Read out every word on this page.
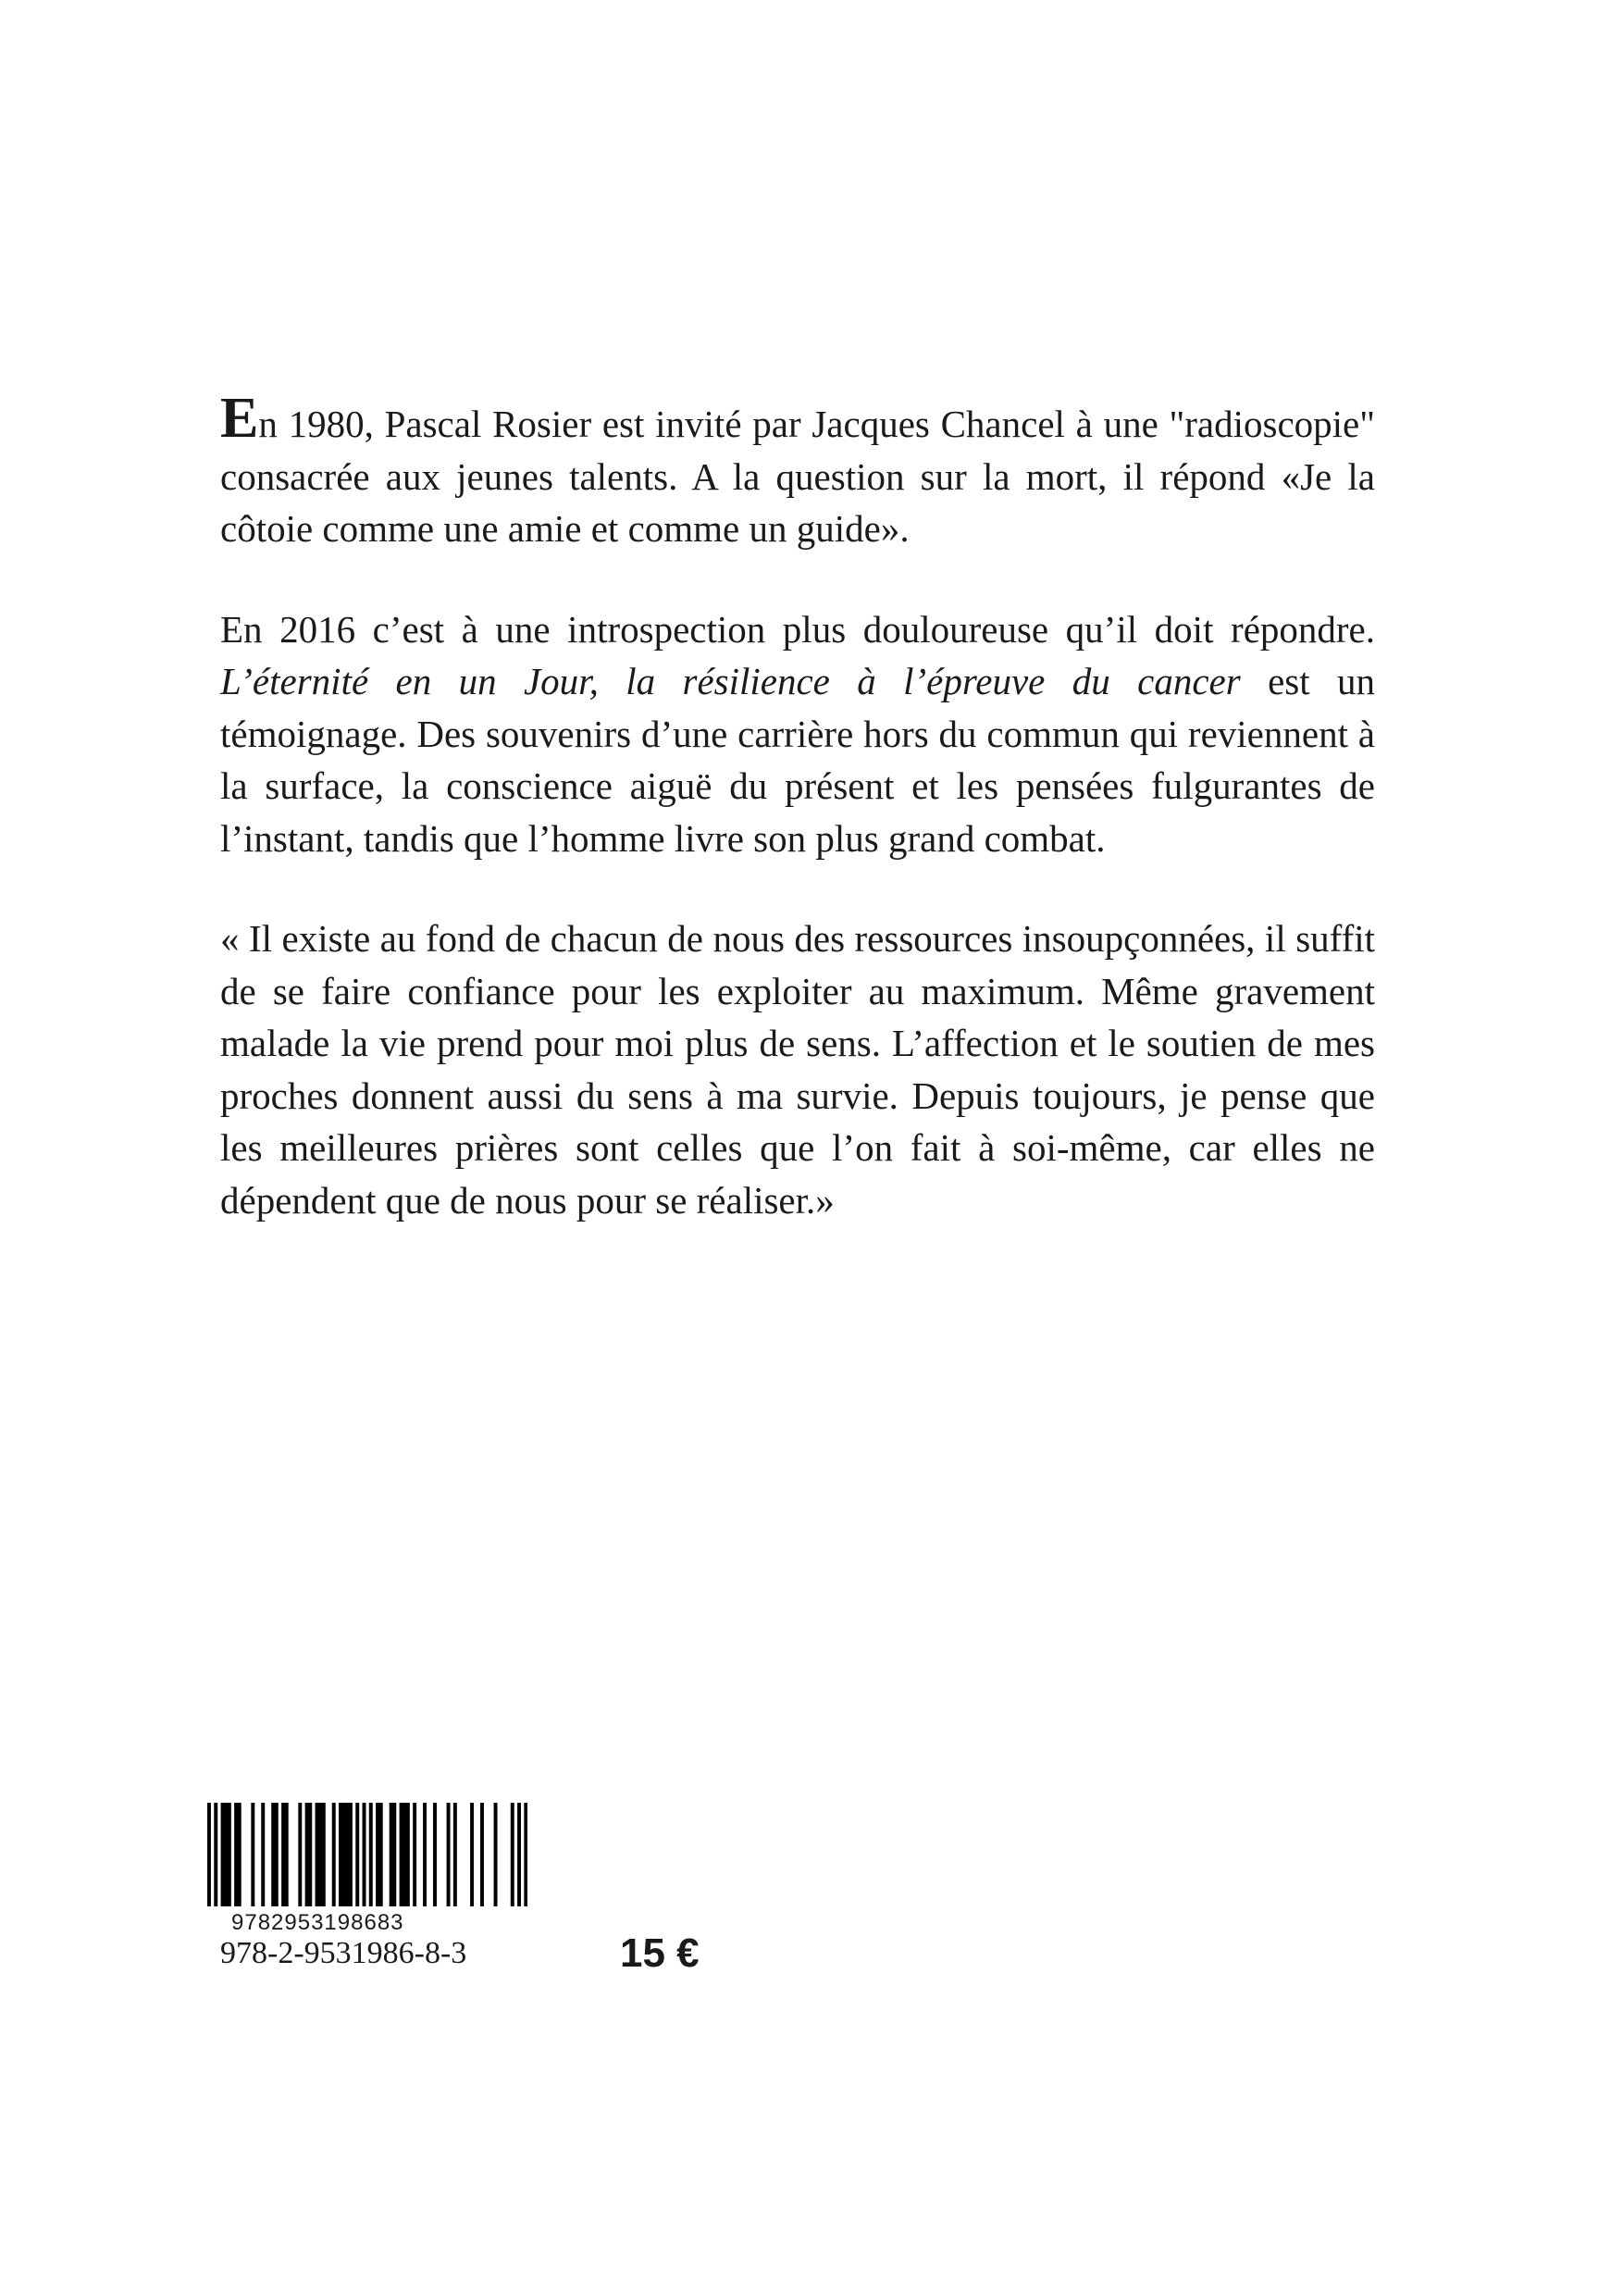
En 1980, Pascal Rosier est invité par Jacques Chancel à une "radioscopie" consacrée aux jeunes talents. A la question sur la mort, il répond «Je la côtoie comme une amie et comme un guide».

En 2016 c’est à une introspection plus douloureuse qu’il doit répondre. L’éternité en un Jour, la résilience à l’épreuve du cancer est un témoignage. Des souvenirs d’une carrière hors du commun qui reviennent à la surface, la conscience aiguë du présent et les pensées fulgurantes de l’instant, tandis que l’homme livre son plus grand combat.

« Il existe au fond de chacun de nous des ressources insoupçonnées, il suffit de se faire confiance pour les exploiter au maximum. Même gravement malade la vie prend pour moi plus de sens. L’affection et le soutien de mes proches donnent aussi du sens à ma survie. Depuis toujours, je pense que les meilleures prières sont celles que l’on fait à soi-même, car elles ne dépendent que de nous pour se réaliser.»

9782953198683
978-2-9531986-8-3	15 €
